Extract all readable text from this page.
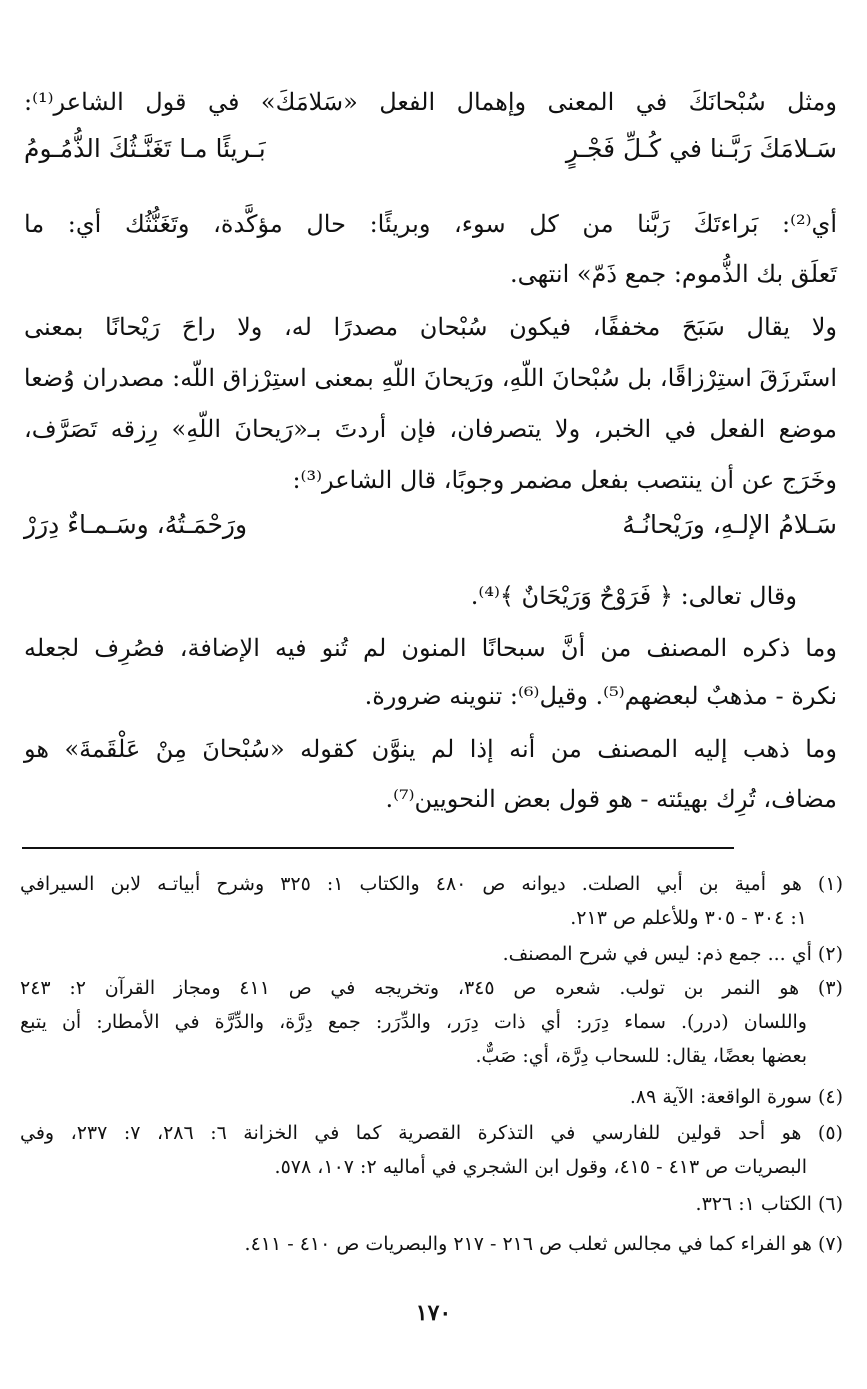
ومثل سُبْحانَكَ في المعنى وإهمال الفعل «سَلامَكَ» في قول الشاعر⁽¹⁾:
سَـلامَكَ رَبَّـنا في كُـلِّ فَجْـرٍ
بَـريئًا مـا تَغَنَّـثُكَ الذُّمُـومُ
أي⁽²⁾: بَراءتَكَ رَبَّنا من كل سوء، وبريئًا: حال مؤكَّدة، وتَغَنُّثُك أي: ما
تَعلَق بك الذُّموم: جمع ذَمّ» انتهى.
ولا يقال سَبَحَ مخففًا، فيكون سُبْحان مصدرًا له، ولا راحَ رَيْحانًا بمعنى
استَرزَقَ استِرْزاقًا، بل سُبْحانَ اللّهِ، ورَيحانَ اللّهِ بمعنى استِرْزاق اللّه: مصدران وُضعا
موضع الفعل في الخبر، ولا يتصرفان، فإن أردتَ بـ«رَيحانَ اللّهِ» رِزقه تَصَرَّف،
وخَرَج عن أن ينتصب بفعل مضمر وجوبًا، قال الشاعر⁽³⁾:
سَـلامُ الإلـهِ، ورَيْحانُـهُ
ورَحْمَـتُهُ، وسَـمـاءٌ دِرَرْ
وقال تعالى: ﴿ فَرَوْحٌ وَرَيْحَانٌ ﴾⁽⁴⁾.
وما ذكره المصنف من أنَّ سبحانًا المنون لم تُنو فيه الإضافة، فصُرِف لجعله
نكرة - مذهبٌ لبعضهم⁽⁵⁾. وقيل⁽⁶⁾: تنوينه ضرورة.
وما ذهب إليه المصنف من أنه إذا لم ينوَّن كقوله «سُبْحانَ مِنْ عَلْقَمةَ» هو
مضاف، تُرِك بهيئته - هو قول بعض النحويين⁽⁷⁾.
(١) هو أمية بن أبي الصلت. ديوانه ص ٤٨٠ والكتاب ١: ٣٢٥ وشرح أبياتـه لابن السيرافي
١: ٣٠٤ - ٣٠٥ وللأعلم ص ٢١٣.
(٢) أي ... جمع ذم: ليس في شرح المصنف.
(٣) هو النمر بن تولب. شعره ص ٣٤٥، وتخريجه في ص ٤١١ ومجاز القرآن ٢: ٢٤٣
واللسان (درر). سماء دِرَر: أي ذات دِرَر، والدِّرَر: جمع دِرَّة، والدِّرَّة في الأمطار: أن يتبع
بعضها بعضًا، يقال: للسحاب دِرَّة، أي: صَبٌّ.
(٤) سورة الواقعة: الآية ٨٩.
(٥) هو أحد قولين للفارسي في التذكرة القصرية كما في الخزانة ٦: ٢٨٦، ٧: ٢٣٧، وفي
البصريات ص ٤١٣ - ٤١٥، وقول ابن الشجري في أماليه ٢: ١٠٧، ٥٧٨.
(٦) الكتاب ١: ٣٢٦.
(٧) هو الفراء كما في مجالس ثعلب ص ٢١٦ - ٢١٧ والبصريات ص ٤١٠ - ٤١١.
١٧٠
